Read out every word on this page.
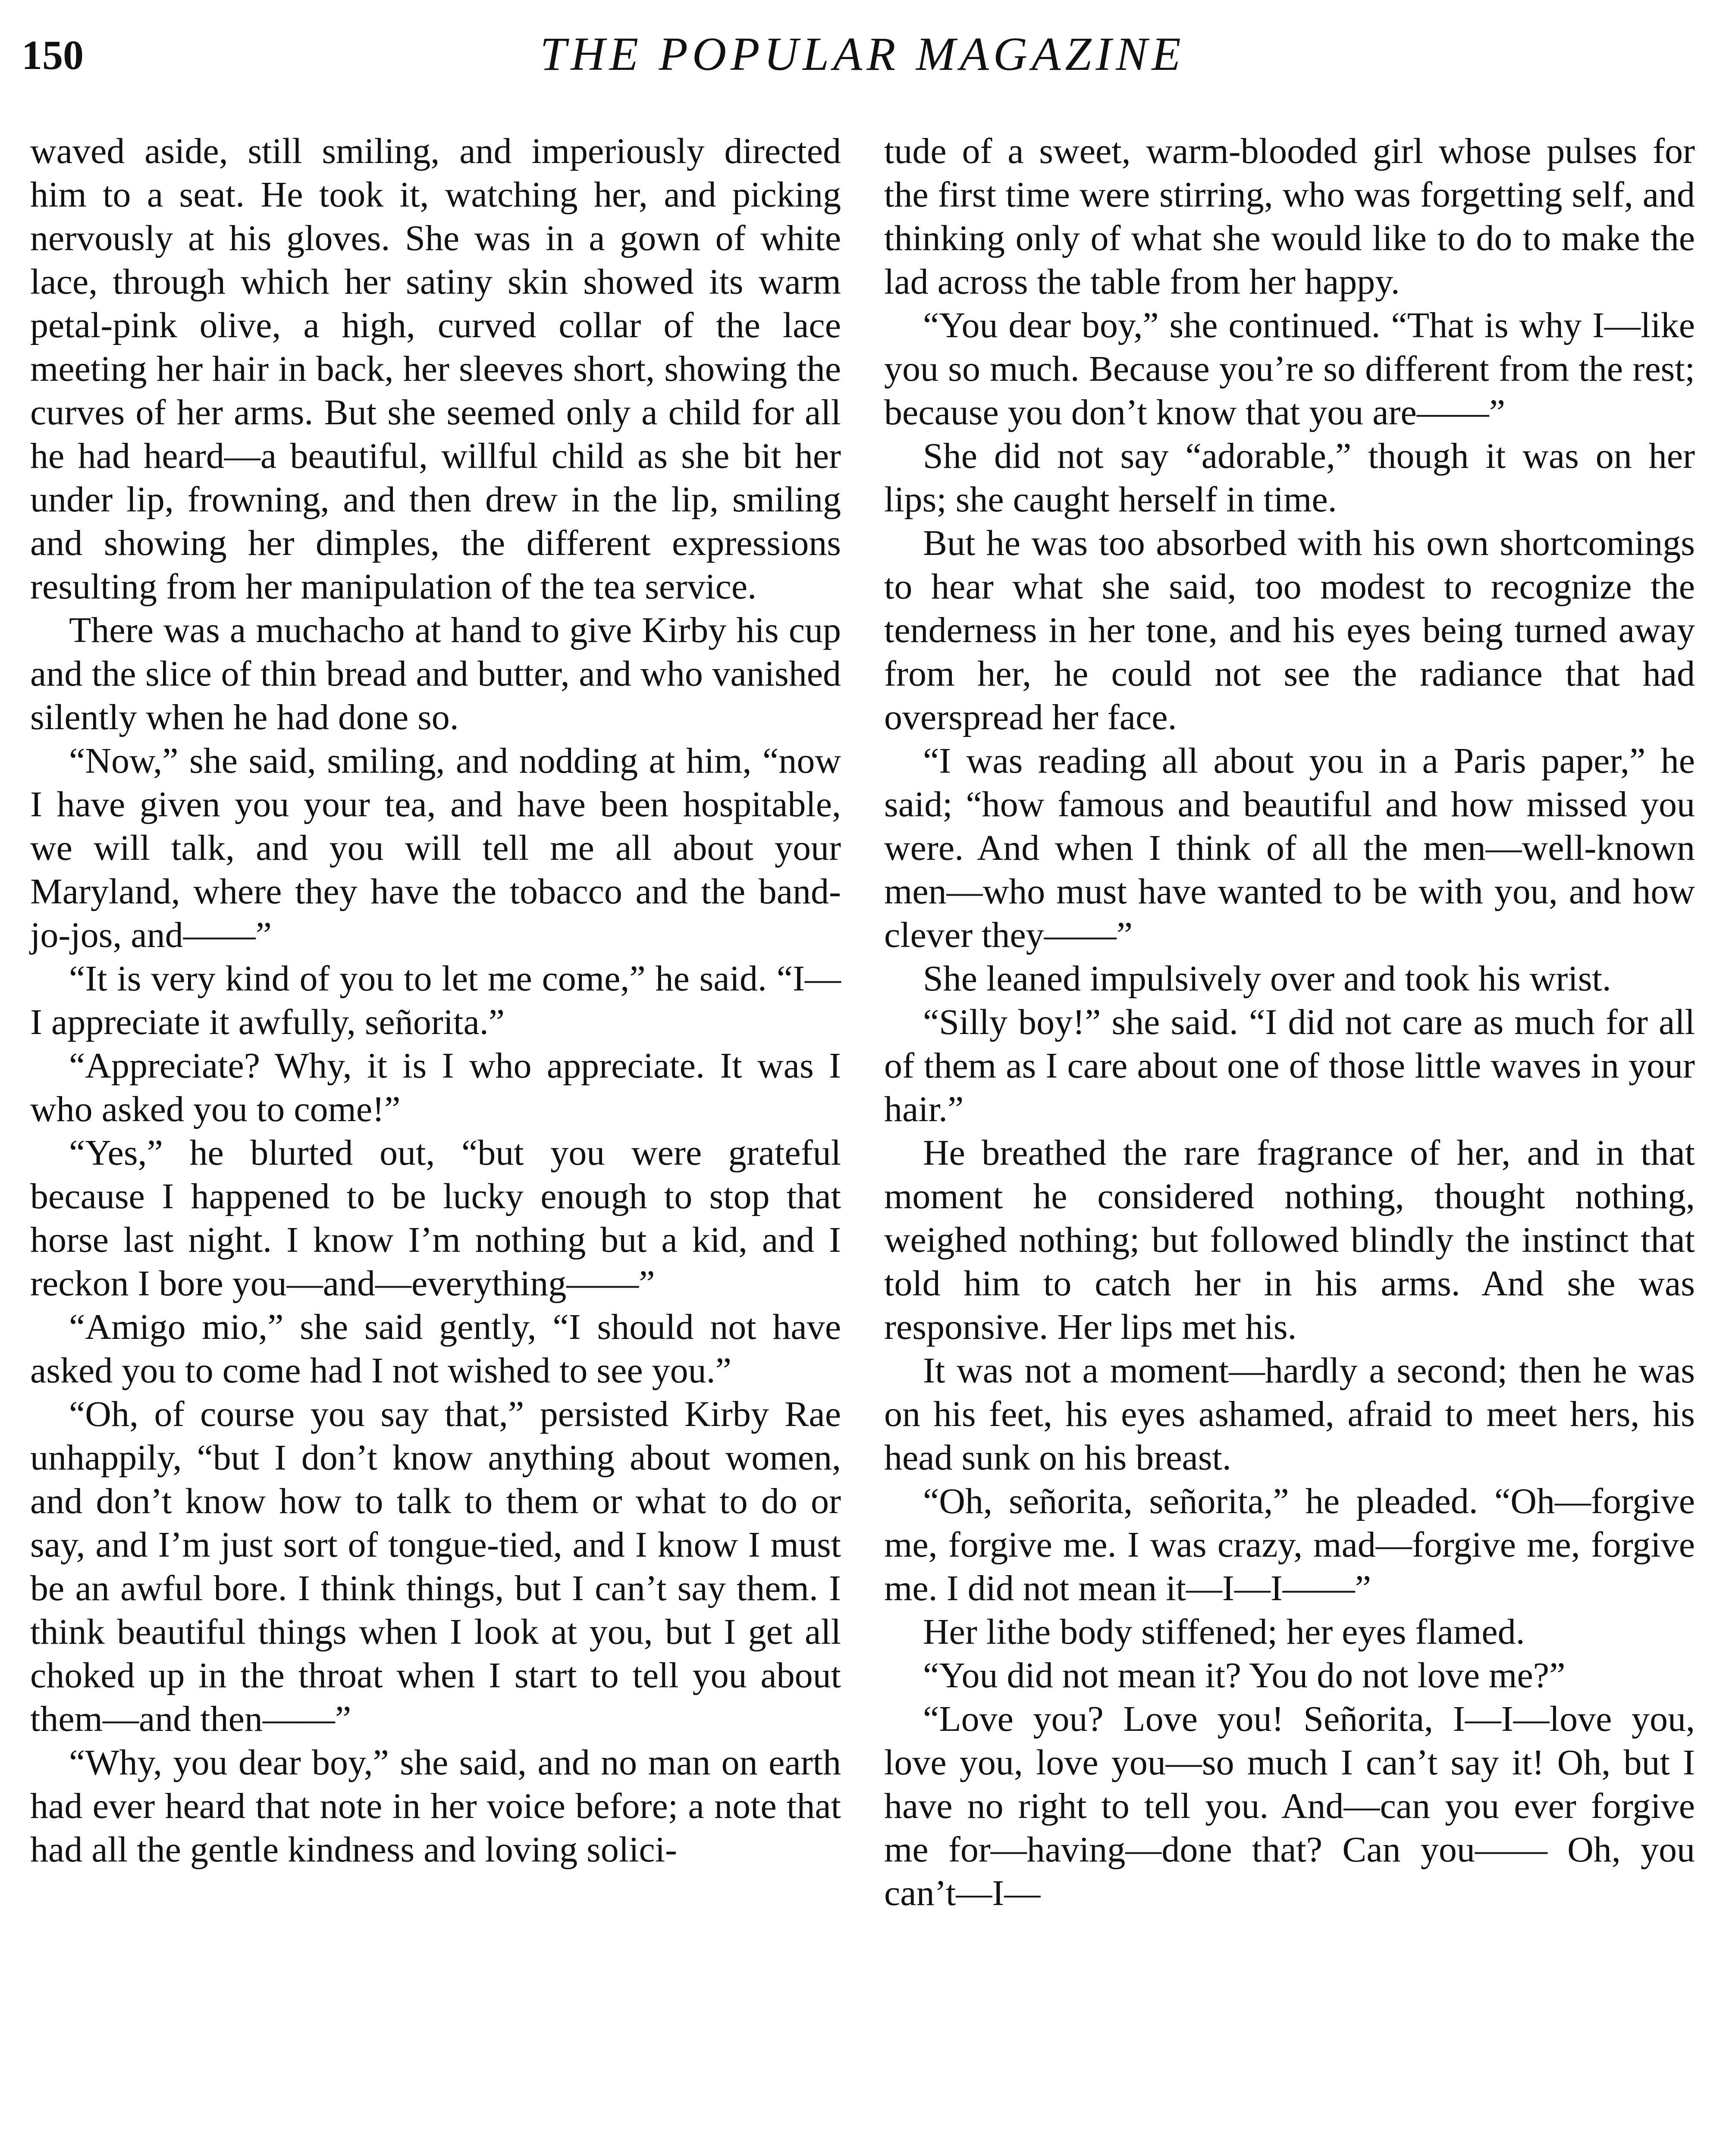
150	THE POPULAR MAGAZINE

waved aside, still smiling, and imperiously directed him to a seat. He took it, watching her, and picking nervously at his gloves. She was in a gown of white lace, through which her satiny skin showed its warm petal-pink olive, a high, curved collar of the lace meeting her hair in back, her sleeves short, showing the curves of her arms. But she seemed only a child for all he had heard—a beautiful, willful child as she bit her under lip, frowning, and then drew in the lip, smiling and showing her dimples, the different expressions resulting from her manipulation of the tea service.

There was a muchacho at hand to give Kirby his cup and the slice of thin bread and butter, and who vanished silently when he had done so.

“Now,” she said, smiling, and nodding at him, “now I have given you your tea, and have been hospitable, we will talk, and you will tell me all about your Maryland, where they have the tobacco and the band-jo-jos, and——”

“It is very kind of you to let me come,” he said. “I—I appreciate it awfully, señorita.”

“Appreciate? Why, it is I who appreciate. It was I who asked you to come!”

“Yes,” he blurted out, “but you were grateful because I happened to be lucky enough to stop that horse last night. I know I’m nothing but a kid, and I reckon I bore you—and—everything——”

“Amigo mio,” she said gently, “I should not have asked you to come had I not wished to see you.”

“Oh, of course you say that,” persisted Kirby Rae unhappily, “but I don’t know anything about women, and don’t know how to talk to them or what to do or say, and I’m just sort of tongue-tied, and I know I must be an awful bore. I think things, but I can’t say them. I think beautiful things when I look at you, but I get all choked up in the throat when I start to tell you about them—and then——”

“Why, you dear boy,” she said, and no man on earth had ever heard that note in her voice before; a note that had all the gentle kindness and loving solici-

tude of a sweet, warm-blooded girl whose pulses for the first time were stirring, who was forgetting self, and thinking only of what she would like to do to make the lad across the table from her happy.

“You dear boy,” she continued. “That is why I—like you so much. Because you’re so different from the rest; because you don’t know that you are——”

She did not say “adorable,” though it was on her lips; she caught herself in time.

But he was too absorbed with his own shortcomings to hear what she said, too modest to recognize the tenderness in her tone, and his eyes being turned away from her, he could not see the radiance that had overspread her face.

“I was reading all about you in a Paris paper,” he said; “how famous and beautiful and how missed you were. And when I think of all the men—well-known men—who must have wanted to be with you, and how clever they——”

She leaned impulsively over and took his wrist.

“Silly boy!” she said. “I did not care as much for all of them as I care about one of those little waves in your hair.”

He breathed the rare fragrance of her, and in that moment he considered nothing, thought nothing, weighed nothing; but followed blindly the instinct that told him to catch her in his arms. And she was responsive. Her lips met his.

It was not a moment—hardly a second; then he was on his feet, his eyes ashamed, afraid to meet hers, his head sunk on his breast.

“Oh, señorita, señorita,” he pleaded. “Oh—forgive me, forgive me. I was crazy, mad—forgive me, forgive me. I did not mean it—I—I——”

Her lithe body stiffened; her eyes flamed.

“You did not mean it? You do not love me?”

“Love you? Love you! Señorita, I—I—love you, love you, love you—so much I can’t say it! Oh, but I have no right to tell you. And—can you ever forgive me for—having—done that? Can you—— Oh, you can’t—I—
